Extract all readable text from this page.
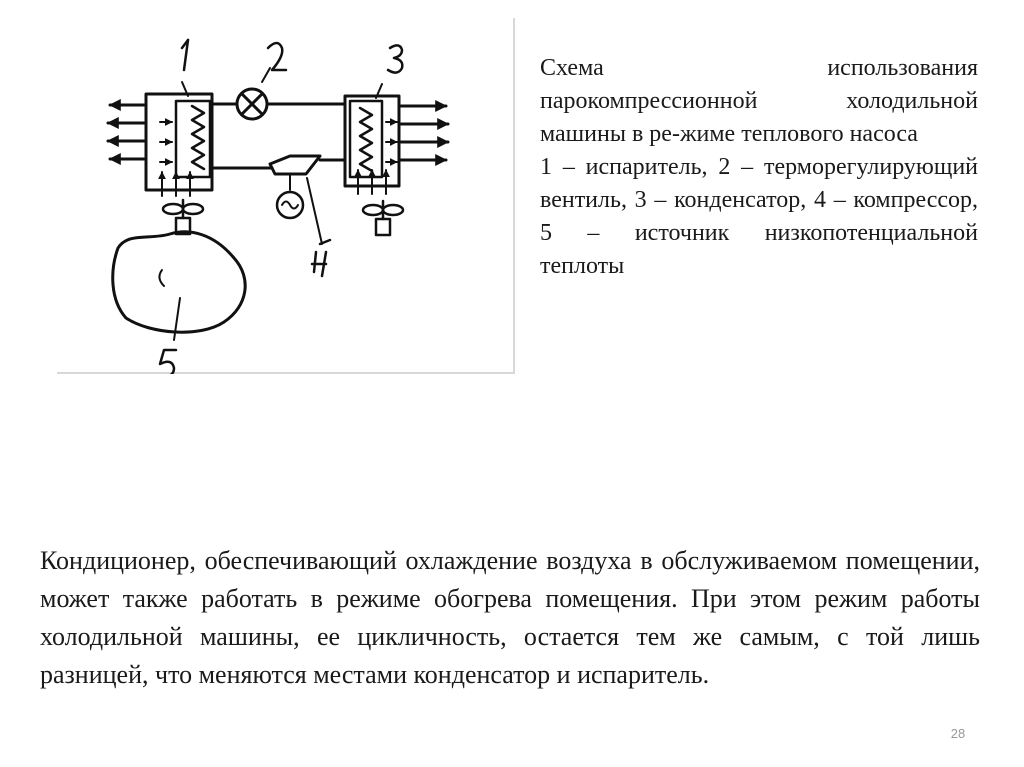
1	2	3
4
5

Схема использования парокомпрессионной холодильной машины в ре-жиме теплового насоса

1 – испаритель, 2 – терморегулирующий вентиль, 3 – конденсатор, 4 – компрессор, 5 – источник низкопотенциальной теплоты

Кондиционер, обеспечивающий охлаждение воздуха в обслуживаемом помещении, может также работать в режиме обогрева помещения. При этом режим работы холодильной машины, ее цикличность, остается тем же самым, с той лишь разницей, что меняются местами конденсатор и испаритель.

28
